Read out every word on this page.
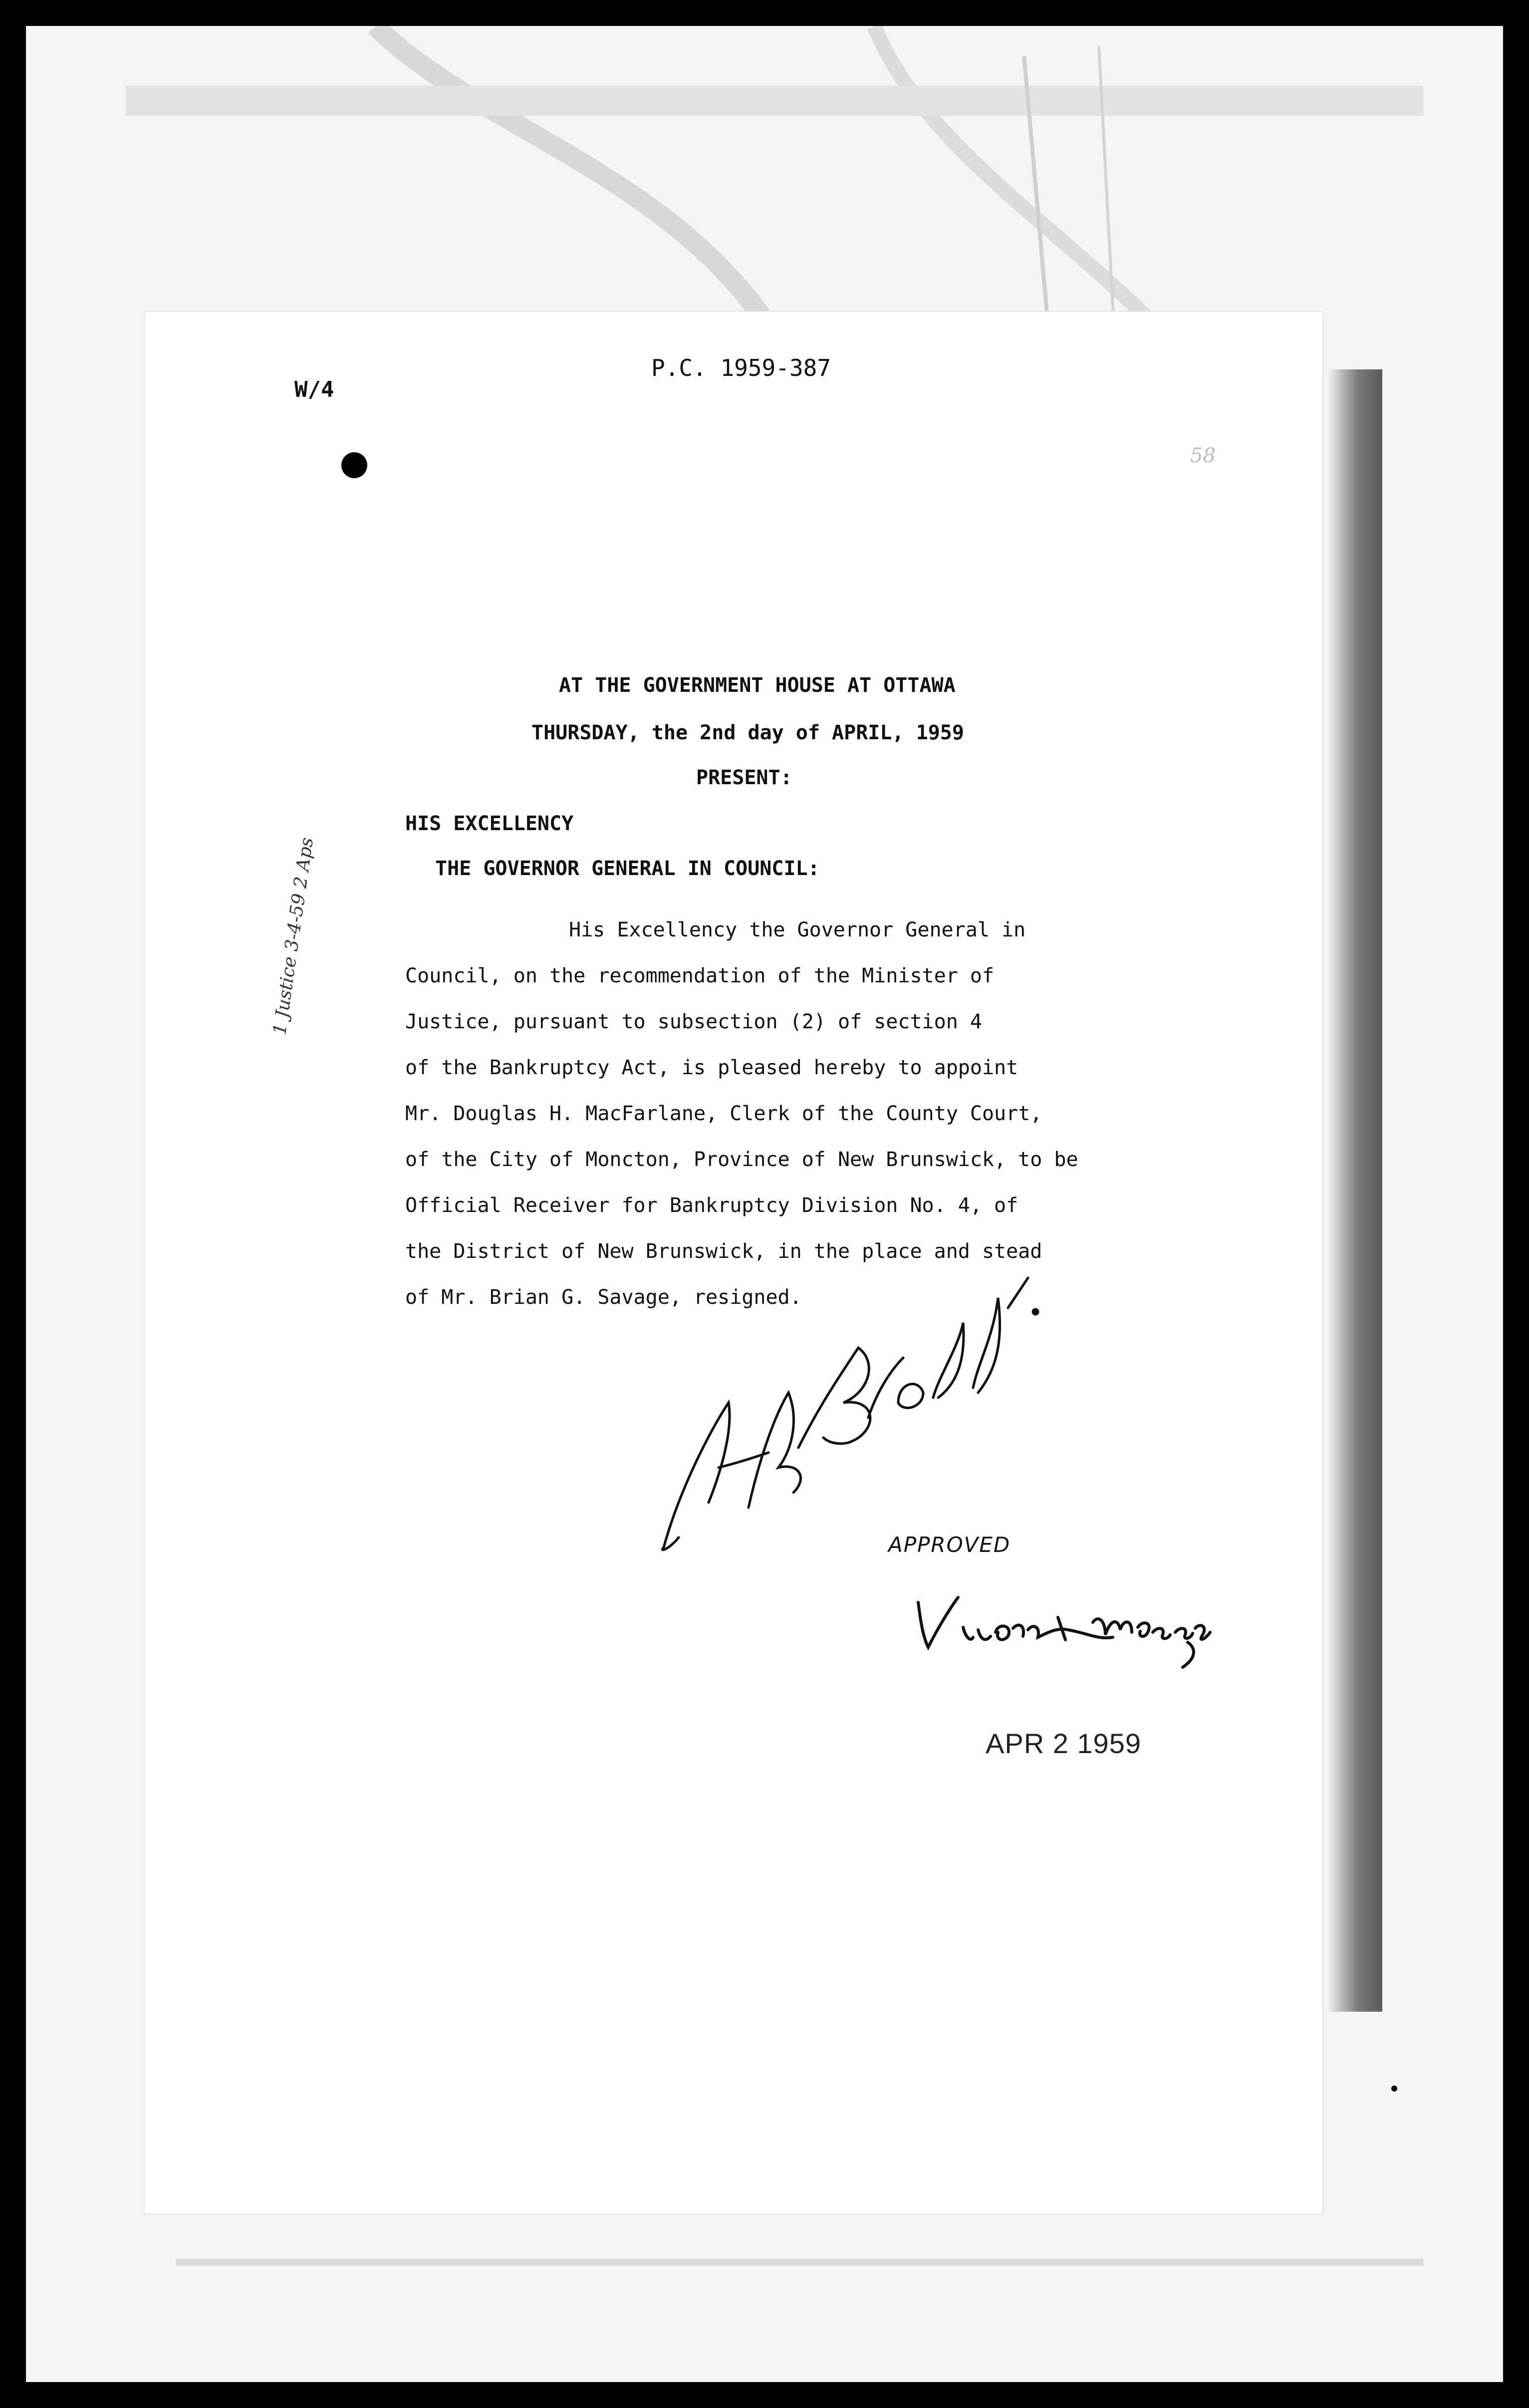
P.C. 1959-387
W/4
58
AT THE GOVERNMENT HOUSE AT OTTAWA
THURSDAY, the 2nd day of APRIL, 1959
PRESENT:
HIS EXCELLENCY
THE GOVERNOR GENERAL IN COUNCIL:
His Excellency the Governor General in
Council, on the recommendation of the Minister of
Justice, pursuant to subsection (2) of section 4
of the Bankruptcy Act, is pleased hereby to appoint
Mr. Douglas H. MacFarlane, Clerk of the County Court,
of the City of Moncton, Province of New Brunswick, to be
Official Receiver for Bankruptcy Division No. 4, of
the District of New Brunswick, in the place and stead
of Mr. Brian G. Savage, resigned.
1 Justice 3-4-59 2 Aps
APPROVED
APR 2 1959
